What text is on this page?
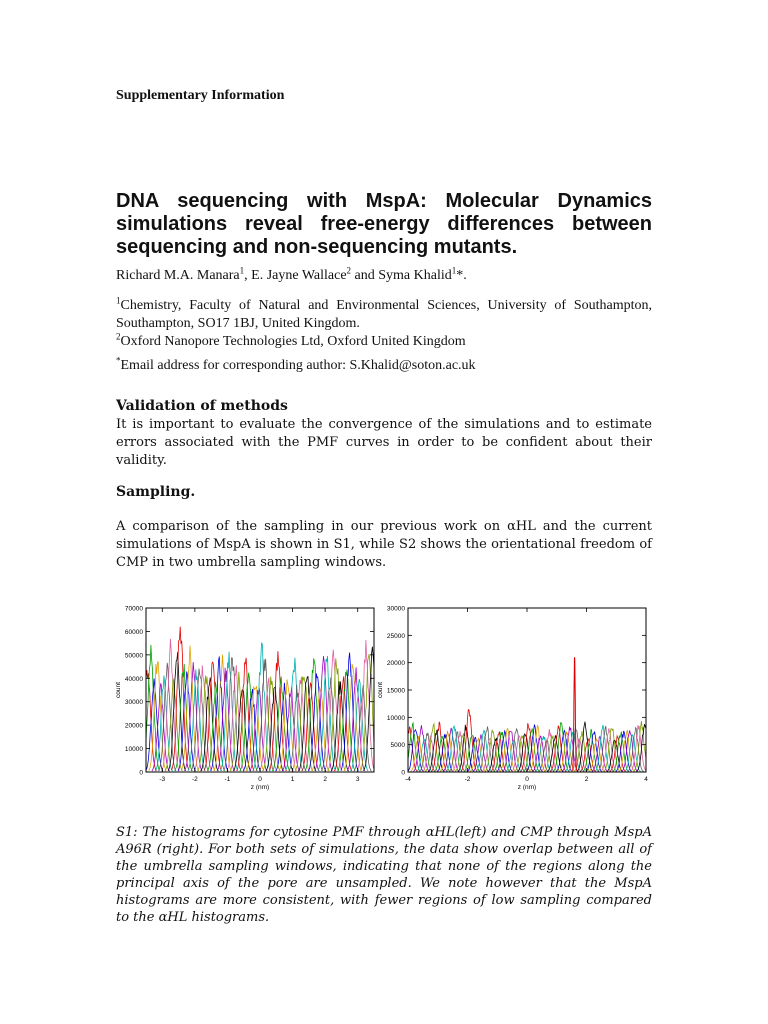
Supplementary Information
DNA sequencing with MspA: Molecular Dynamics
simulations reveal free-energy differences between
sequencing and non-sequencing mutants.
Richard M.A. Manara$^1$, E. Jayne Wallace$^2$ and Syma Khalid$^1$*.
$^1$Chemistry, Faculty of Natural and Environmental Sciences, University of Southampton, Southampton, SO17 1BJ, United Kingdom.
$^2$Oxford Nanopore Technologies Ltd, Oxford United Kingdom
*Email address for corresponding author: S.Khalid@soton.ac.uk
Validation of methods
It is important to evaluate the convergence of the simulations and to estimate errors associated with the PMF curves in order to be confident about their validity.
Sampling.
A comparison of the sampling in our previous work on αHL and the current simulations of MspA is shown in S1, while S2 shows the orientational freedom of CMP in two umbrella sampling windows.
0
10000
20000
30000
40000
50000
60000
70000
-3	-2	-1	0	1	2	3
z (nm)
count
0
5000
10000
15000
20000
25000
30000
-4	-2	0	2	4
z (nm)
count
S1: The histograms for cytosine PMF through αHL(left) and CMP through MspA A96R (right). For both sets of simulations, the data show overlap between all of the umbrella sampling windows, indicating that none of the regions along the principal axis of the pore are unsampled. We note however that the MspA histograms are more consistent, with fewer regions of low sampling compared to the αHL histograms.
